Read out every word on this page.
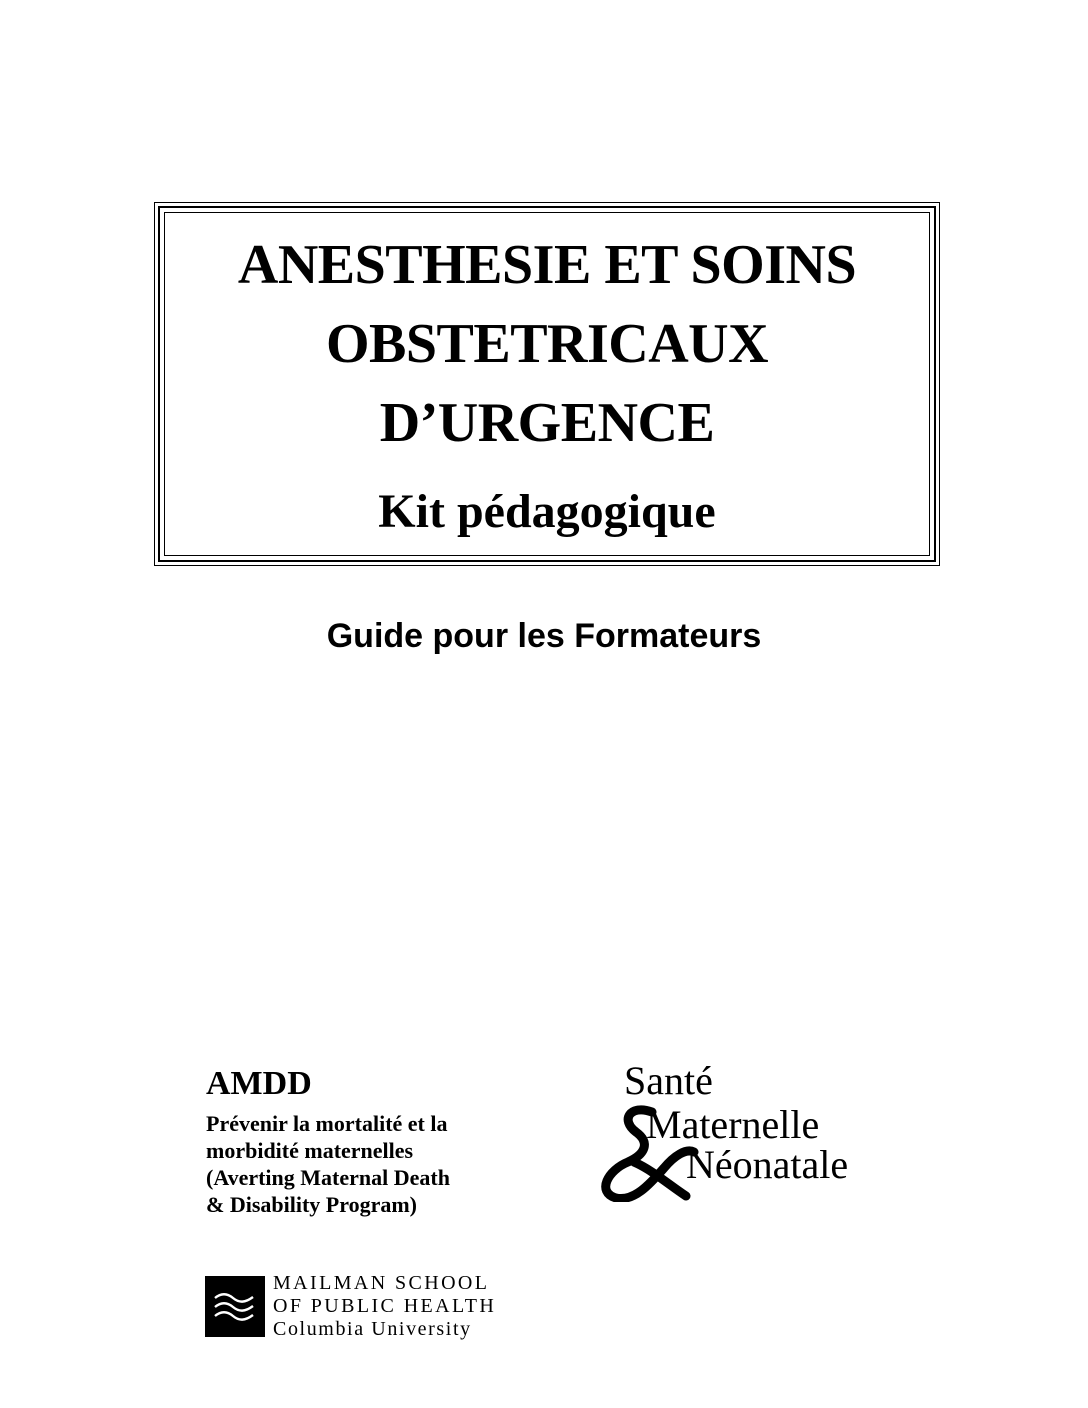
ANESTHESIE ET SOINS
OBSTETRICAUX
D’URGENCE
Kit pédagogique
Guide pour les Formateurs
AMDD
Prévenir la mortalité et la
morbidité maternelles
(Averting Maternal Death
& Disability Program)
Santé
Maternelle
Néonatale
MAILMAN SCHOOL
OF PUBLIC HEALTH
Columbia University
